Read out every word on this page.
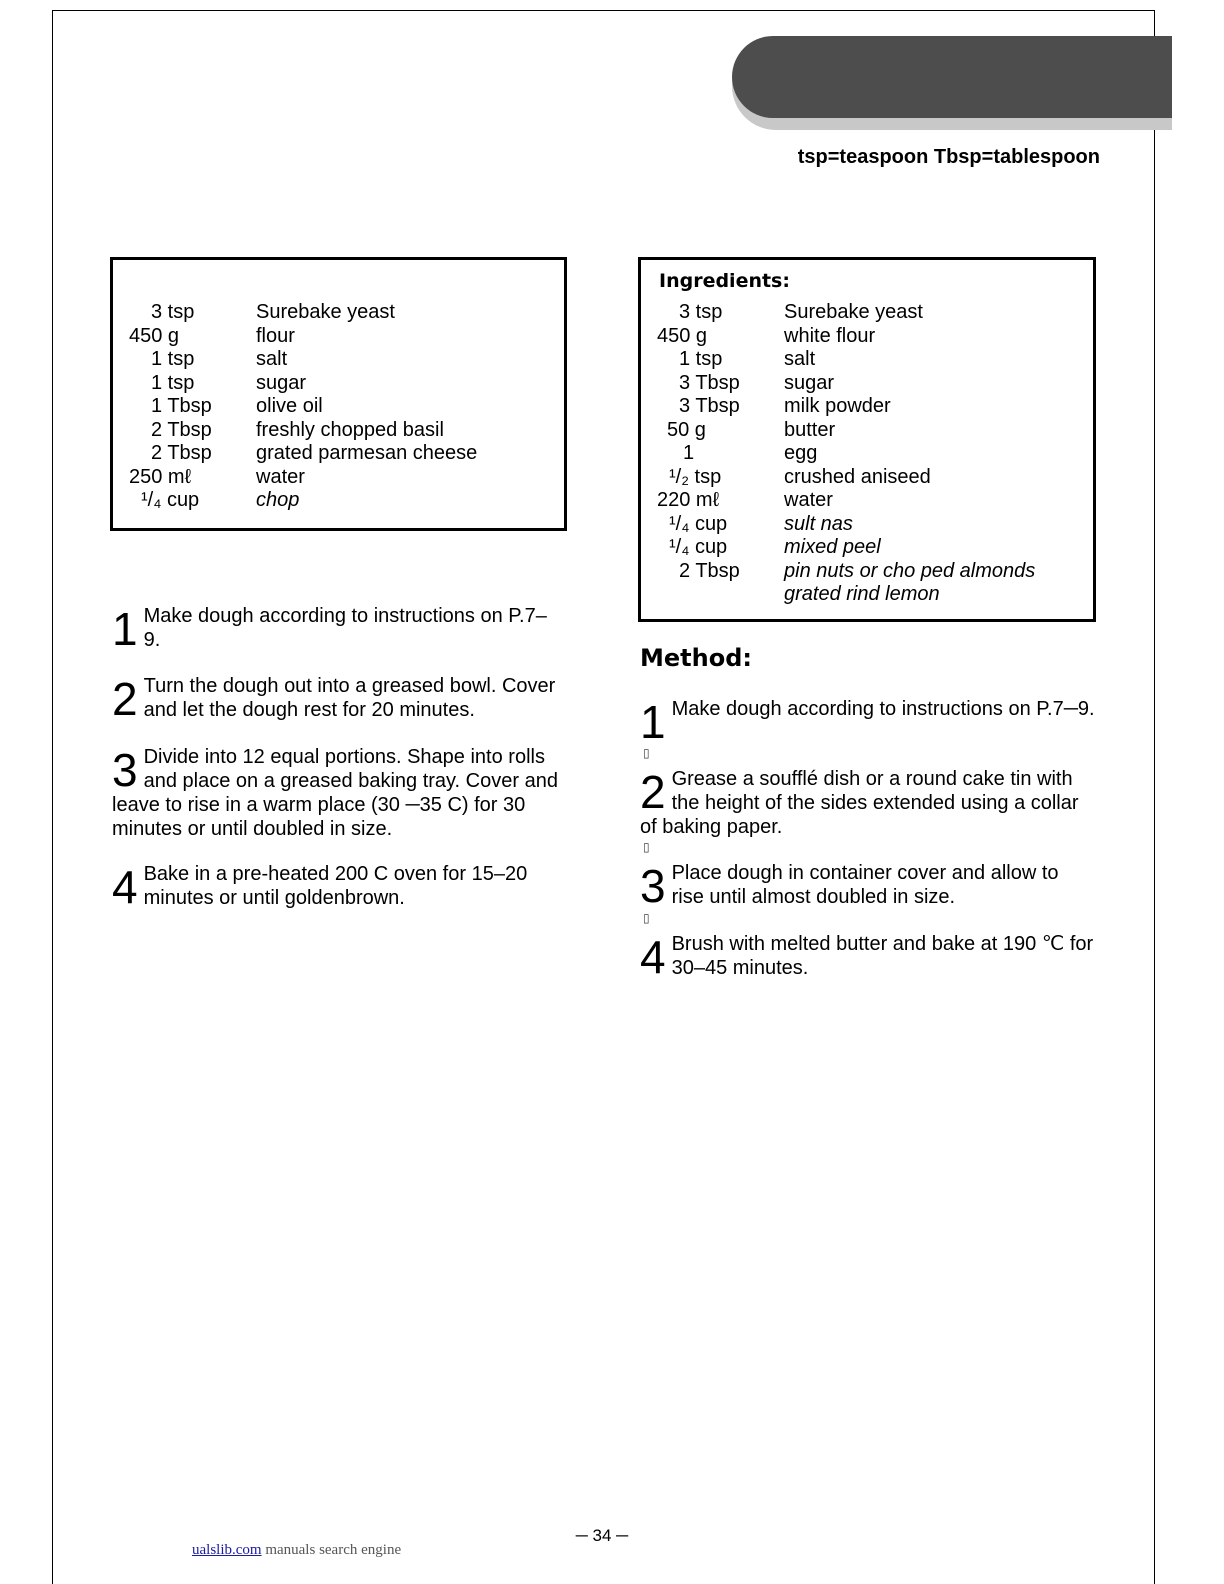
tsp=teaspoon Tbsp=tablespoon
3 tsp	Surebake yeast
450 g	flour
1 tsp	salt
1 tsp	sugar
1 Tbsp olive oil
2 Tbsp freshly chopped basil
2 Tbsp grated parmesan cheese
250 mℓ	water
¹/₄ cup	chop
Ingredients:
3 tsp	Surebake yeast
450 g	white flour
1 tsp	salt
3 Tbsp sugar
3 Tbsp milk powder
50 g	butter
1	egg
¹/₂ tsp	crushed aniseed
220 mℓ	water
¹/₄ cup	sult nas
¹/₄ cup	mixed peel
2 Tbsp pin nuts or cho ped almonds
grated rind lemon
1 Make dough according to instructions on P.7–9.
2 Turn the dough out into a greased bowl. Cover and let the dough rest for 20 minutes.
3 Divide into 12 equal portions. Shape into rolls and place on a greased baking tray. Cover and leave to rise in a warm place (30 ─35 C) for 30 minutes or until doubled in size.
4 Bake in a pre-heated 200 C oven for 15–20 minutes or until goldenbrown.
Method:
1 Make dough according to instructions on P.7─9.
▯
2 Grease a soufflé dish or a round cake tin with the height of the sides extended using a collar of baking paper.
▯
3 Place dough in container cover and allow to rise until almost doubled in size.
▯
4 Brush with melted butter and bake at 190 ℃ for 30–45 minutes.
─ 34 ─
ualslib.com manuals search engine
